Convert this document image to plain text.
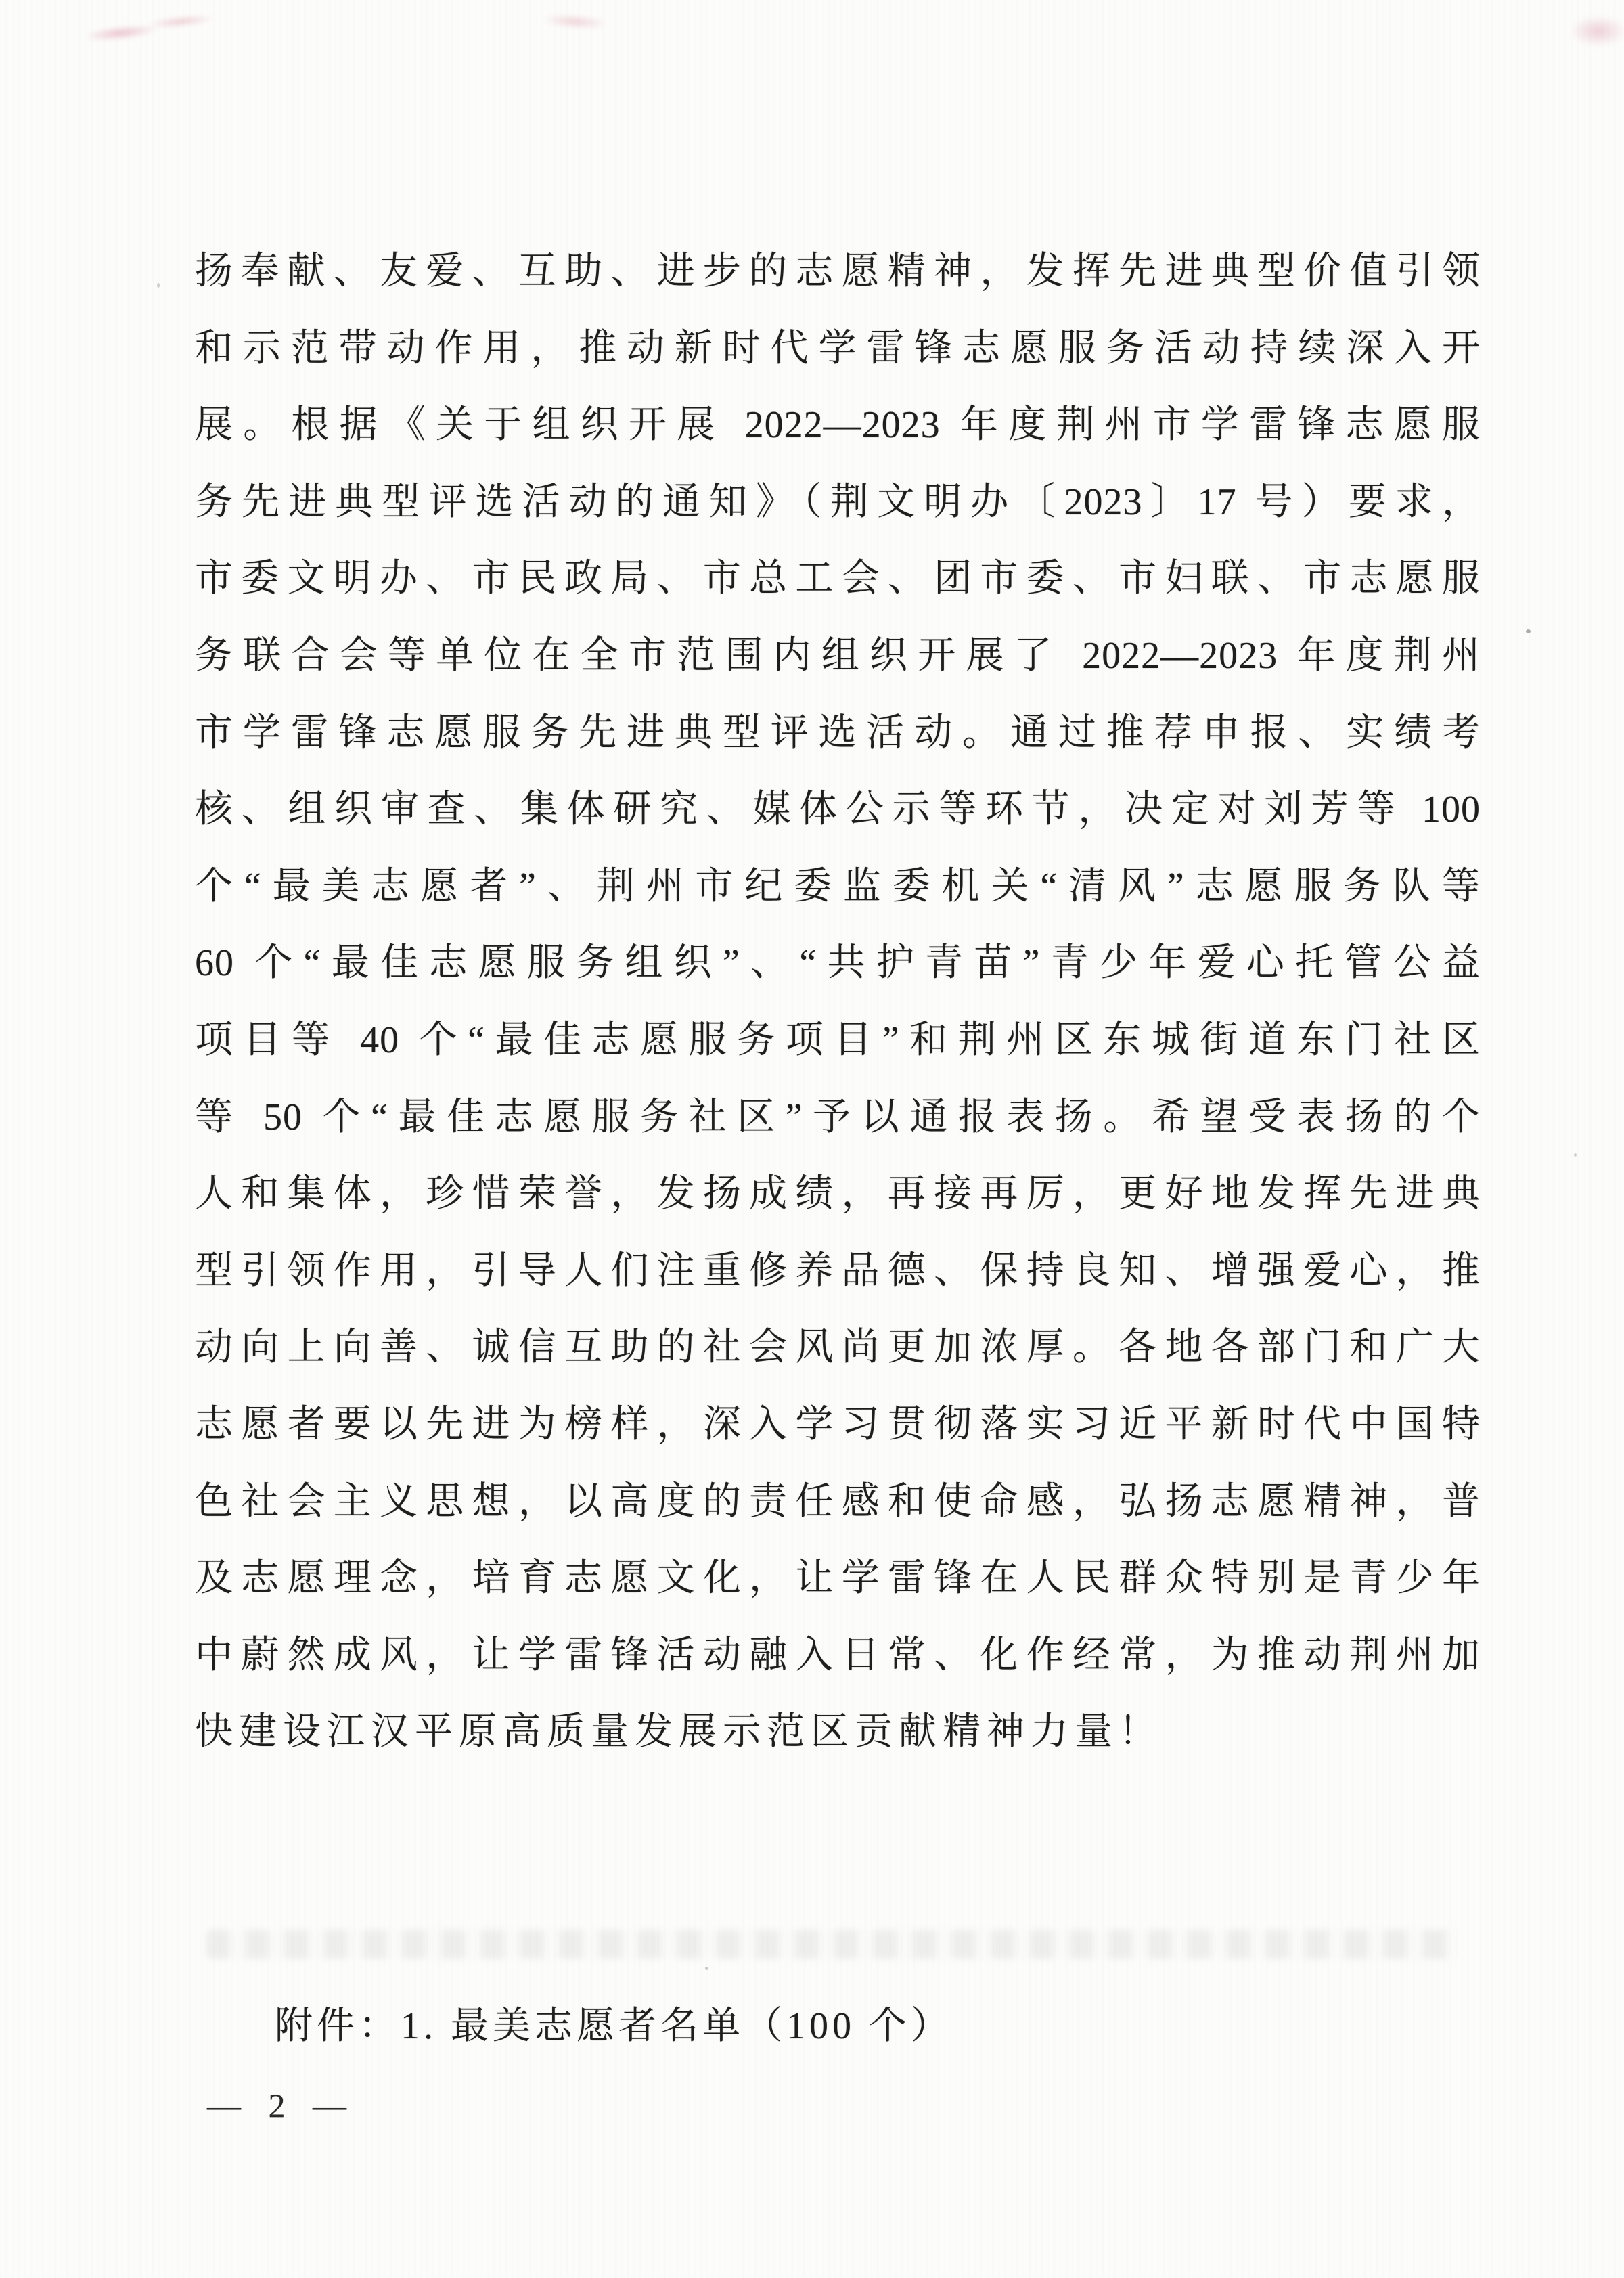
扬奉献、友爱、互助、进步的志愿精神，发挥先进典型价值引领
和示范带动作用，推动新时代学雷锋志愿服务活动持续深入开
展。根据《关于组织开展 2022—2023 年度荆州市学雷锋志愿服
务先进典型评选活动的通知》（荆文明办〔2023〕17 号）要求，
市委文明办、市民政局、市总工会、团市委、市妇联、市志愿服
务联合会等单位在全市范围内组织开展了 2022—2023 年度荆州
市学雷锋志愿服务先进典型评选活动。通过推荐申报、实绩考
核、组织审查、集体研究、媒体公示等环节，决定对刘芳等 100
个“最美志愿者”、荆州市纪委监委机关“清风”志愿服务队等
60 个“最佳志愿服务组织”、“共护青苗”青少年爱心托管公益
项目等 40 个“最佳志愿服务项目”和荆州区东城街道东门社区
等 50 个“最佳志愿服务社区”予以通报表扬。希望受表扬的个
人和集体，珍惜荣誉，发扬成绩，再接再厉，更好地发挥先进典
型引领作用，引导人们注重修养品德、保持良知、增强爱心，推
动向上向善、诚信互助的社会风尚更加浓厚。各地各部门和广大
志愿者要以先进为榜样，深入学习贯彻落实习近平新时代中国特
色社会主义思想，以高度的责任感和使命感，弘扬志愿精神，普
及志愿理念，培育志愿文化，让学雷锋在人民群众特别是青少年
中蔚然成风，让学雷锋活动融入日常、化作经常，为推动荆州加
快建设江汉平原高质量发展示范区贡献精神力量！
附件：1. 最美志愿者名单（100 个）
— 2 —
